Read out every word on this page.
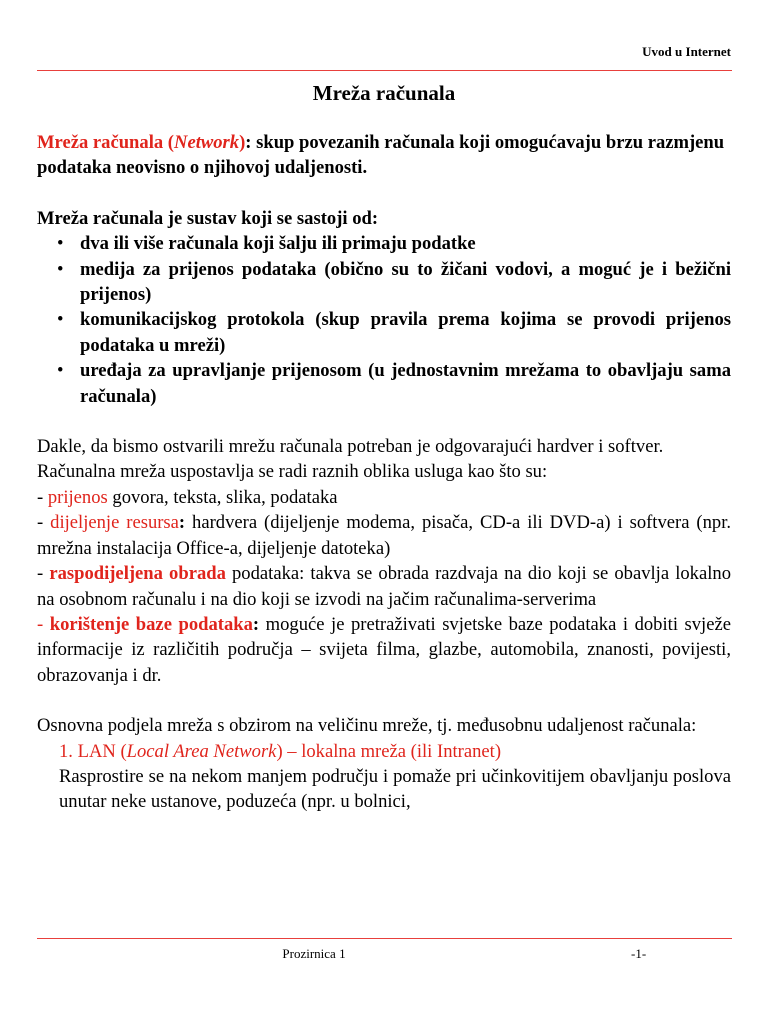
Uvod u Internet
Mreža računala
Mreža računala (Network): skup povezanih računala koji omogućavaju brzu razmjenu podataka neovisno o njihovoj udaljenosti.
Mreža računala je sustav koji se sastoji od:
• dva ili više računala koji šalju ili primaju podatke
• medija za prijenos podataka (obično su to žičani vodovi, a moguć je i bežični prijenos)
• komunikacijskog protokola (skup pravila prema kojima se provodi prijenos podataka u mreži)
• uređaja za upravljanje prijenosom (u jednostavnim mrežama to obavljaju sama računala)
Dakle, da bismo ostvarili mrežu računala potreban je odgovarajući hardver i softver.
Računalna mreža uspostavlja se radi raznih oblika usluga kao što su:
- prijenos govora, teksta, slika, podataka
- dijeljenje resursa: hardvera (dijeljenje modema, pisača, CD-a ili DVD-a) i softvera (npr. mrežna instalacija Office-a, dijeljenje datoteka)
- raspodijeljena obrada podataka: takva se obrada razdvaja na dio koji se obavlja lokalno na osobnom računalu i na dio koji se izvodi na jačim računalima-serverima
- korištenje baze podataka: moguće je pretraživati svjetske baze podataka i dobiti svježe informacije iz različitih područja – svijeta filma, glazbe, automobila, znanosti, povijesti, obrazovanja i dr.
Osnovna podjela mreža s obzirom na veličinu mreže, tj. međusobnu udaljenost računala:
1. LAN (Local Area Network) – lokalna mreža (ili Intranet)
Rasprostire se na nekom manjem području i pomaže pri učinkovitijem obavljanju poslova unutar neke ustanove, poduzeća (npr. u bolnici,
Prozirnica 1	-1-
